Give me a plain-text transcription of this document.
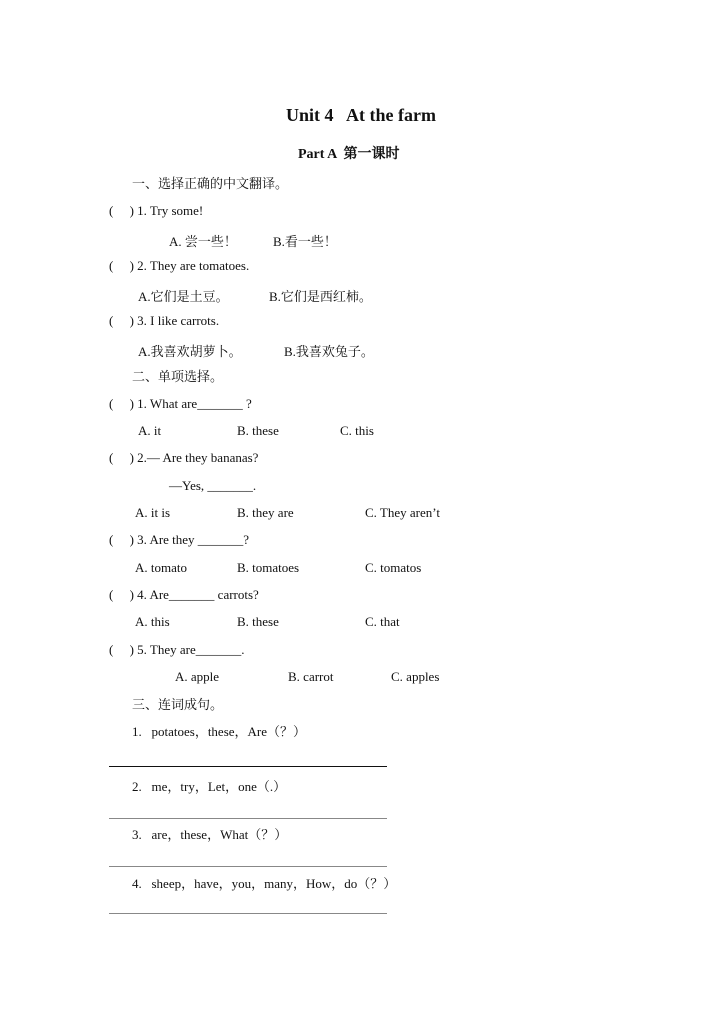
Unit 4   At the farm
Part A  第一课时
一、选择正确的中文翻译。
(     ) 1. Try some!
A. 尝一些！	B.看一些！
(     ) 2. They are tomatoes.
A.它们是土豆。	B.它们是西红柿。
(     ) 3. I like carrots.
A.我喜欢胡萝卜。	B.我喜欢兔子。
二、单项选择。
(     ) 1. What are_______ ?
A. it	B. these	C. this
(     ) 2.— Are they bananas?
—Yes, _______.
A. it is	B. they are	C. They aren’t
(     ) 3. Are they _______?
A. tomato	B. tomatoes	C. tomatos
(     ) 4. Are_______ carrots?
A. this	B. these	C. that
(     ) 5. They are_______.
A. apple	B. carrot	C. apples
三、连词成句。
1.   potatoes，these，Are（？）
2.   me，try，Let，one（.）
3.   are，these，What（？）
4.   sheep，have，you，many，How，do（？）
